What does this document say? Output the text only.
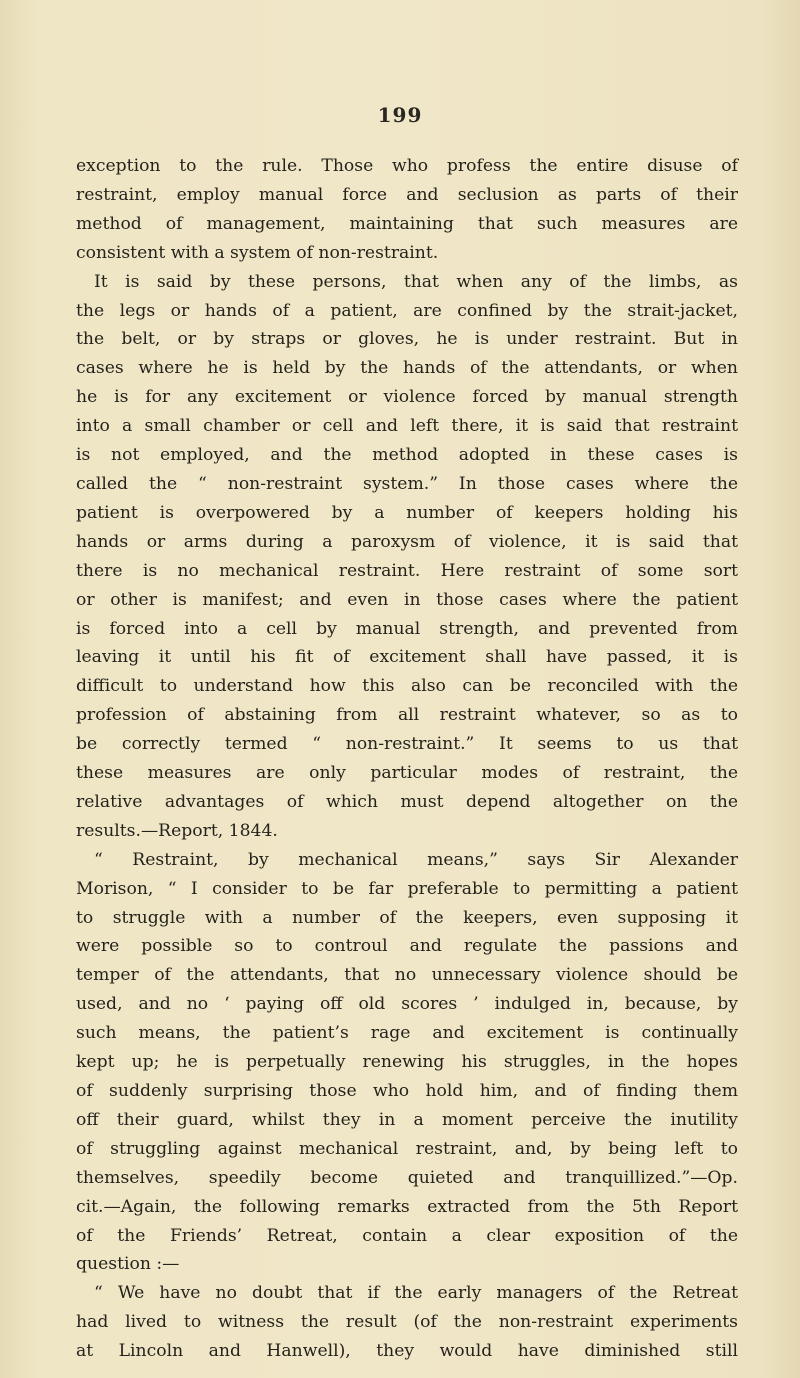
199
exception to the rule. Those who profess the entire disuse of
restraint, employ manual force and seclusion as parts of their
method of management, maintaining that such measures are
consistent with a system of non-restraint.
It is said by these persons, that when any of the limbs, as
the legs or hands of a patient, are confined by the strait-jacket,
the belt, or by straps or gloves, he is under restraint. But in
cases where he is held by the hands of the attendants, or when
he is for any excitement or violence forced by manual strength
into a small chamber or cell and left there, it is said that restraint
is not employed, and the method adopted in these cases is
called the “ non-restraint system.” In those cases where the
patient is overpowered by a number of keepers holding his
hands or arms during a paroxysm of violence, it is said that
there is no mechanical restraint. Here restraint of some sort
or other is manifest; and even in those cases where the patient
is forced into a cell by manual strength, and prevented from
leaving it until his fit of excitement shall have passed, it is
difficult to understand how this also can be reconciled with the
profession of abstaining from all restraint whatever, so as to
be correctly termed “ non-restraint.” It seems to us that
these measures are only particular modes of restraint, the
relative advantages of which must depend altogether on the
results.—Report, 1844.
“ Restraint, by mechanical means,” says Sir Alexander
Morison, “ I consider to be far preferable to permitting a patient
to struggle with a number of the keepers, even supposing it
were possible so to controul and regulate the passions and
temper of the attendants, that no unnecessary violence should be
used, and no ‘ paying off old scores ’ indulged in, because, by
such means, the patient’s rage and excitement is continually
kept up; he is perpetually renewing his struggles, in the hopes
of suddenly surprising those who hold him, and of finding them
off their guard, whilst they in a moment perceive the inutility
of struggling against mechanical restraint, and, by being left to
themselves, speedily become quieted and tranquillized.”—Op.
cit.—Again, the following remarks extracted from the 5th Report
of the Friends’ Retreat, contain a clear exposition of the
question :—
“ We have no doubt that if the early managers of the Retreat
had lived to witness the result (of the non-restraint experiments
at Lincoln and Hanwell), they would have diminished still
